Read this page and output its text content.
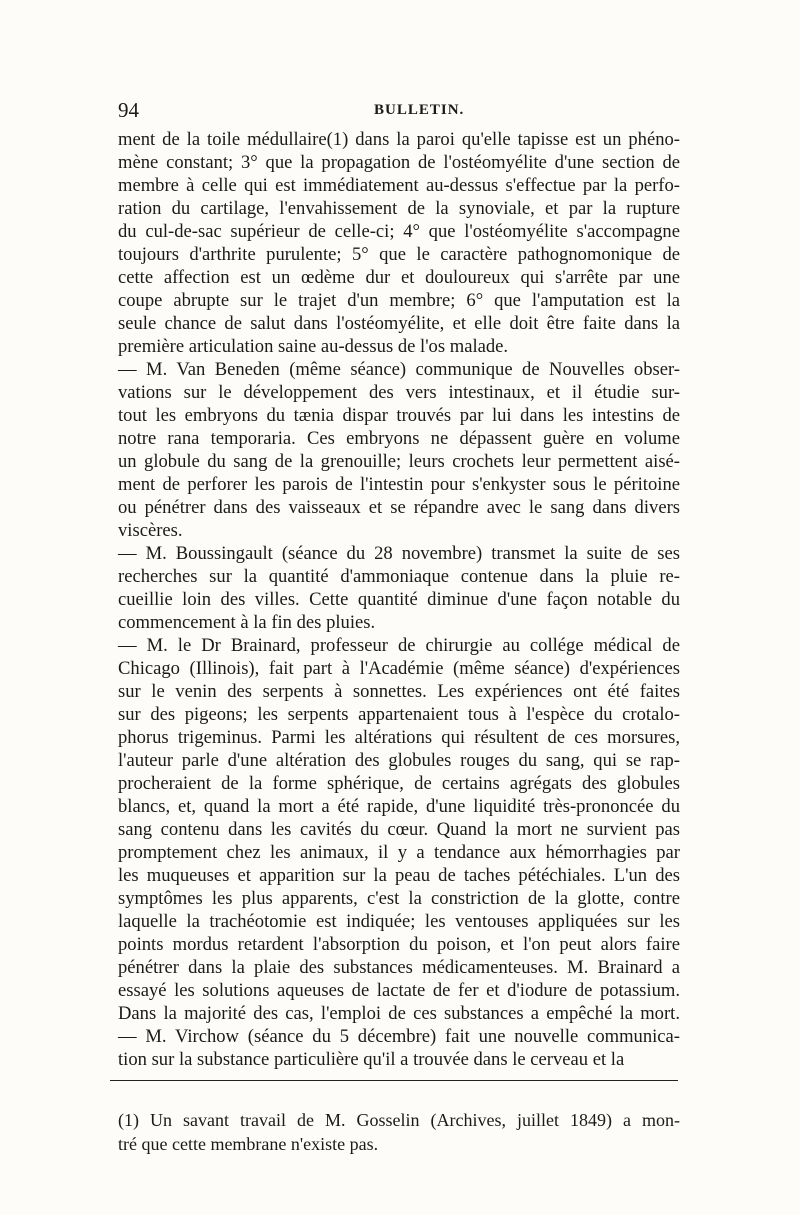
94	BULLETIN.
ment de la toile médullaire(1) dans la paroi qu'elle tapisse est un phéno-
mène constant; 3° que la propagation de l'ostéomyélite d'une section de
membre à celle qui est immédiatement au-dessus s'effectue par la perfo-
ration du cartilage, l'envahissement de la synoviale, et par la rupture
du cul-de-sac supérieur de celle-ci; 4° que l'ostéomyélite s'accompagne
toujours d'arthrite purulente; 5° que le caractère pathognomonique de
cette affection est un œdème dur et douloureux qui s'arrête par une
coupe abrupte sur le trajet d'un membre; 6° que l'amputation est la
seule chance de salut dans l'ostéomyélite, et elle doit être faite dans la
première articulation saine au-dessus de l'os malade.
— M. Van Beneden (même séance) communique de Nouvelles obser-
vations sur le développement des vers intestinaux, et il étudie sur-
tout les embryons du tænia dispar trouvés par lui dans les intestins de
notre rana temporaria. Ces embryons ne dépassent guère en volume
un globule du sang de la grenouille; leurs crochets leur permettent aisé-
ment de perforer les parois de l'intestin pour s'enkyster sous le péritoine
ou pénétrer dans des vaisseaux et se répandre avec le sang dans divers
viscères.
— M. Boussingault (séance du 28 novembre) transmet la suite de ses
recherches sur la quantité d'ammoniaque contenue dans la pluie re-
cueillie loin des villes. Cette quantité diminue d'une façon notable du
commencement à la fin des pluies.
— M. le Dr Brainard, professeur de chirurgie au collége médical de
Chicago (Illinois), fait part à l'Académie (même séance) d'expériences
sur le venin des serpents à sonnettes. Les expériences ont été faites
sur des pigeons; les serpents appartenaient tous à l'espèce du crotalo-
phorus trigeminus. Parmi les altérations qui résultent de ces morsures,
l'auteur parle d'une altération des globules rouges du sang, qui se rap-
procheraient de la forme sphérique, de certains agrégats des globules
blancs, et, quand la mort a été rapide, d'une liquidité très-prononcée du
sang contenu dans les cavités du cœur. Quand la mort ne survient pas
promptement chez les animaux, il y a tendance aux hémorrhagies par
les muqueuses et apparition sur la peau de taches pétéchiales. L'un des
symptômes les plus apparents, c'est la constriction de la glotte, contre
laquelle la trachéotomie est indiquée; les ventouses appliquées sur les
points mordus retardent l'absorption du poison, et l'on peut alors faire
pénétrer dans la plaie des substances médicamenteuses. M. Brainard a
essayé les solutions aqueuses de lactate de fer et d'iodure de potassium.
Dans la majorité des cas, l'emploi de ces substances a empêché la mort.
— M. Virchow (séance du 5 décembre) fait une nouvelle communica-
tion sur la substance particulière qu'il a trouvée dans le cerveau et la
(1) Un savant travail de M. Gosselin (Archives, juillet 1849) a mon-
tré que cette membrane n'existe pas.
